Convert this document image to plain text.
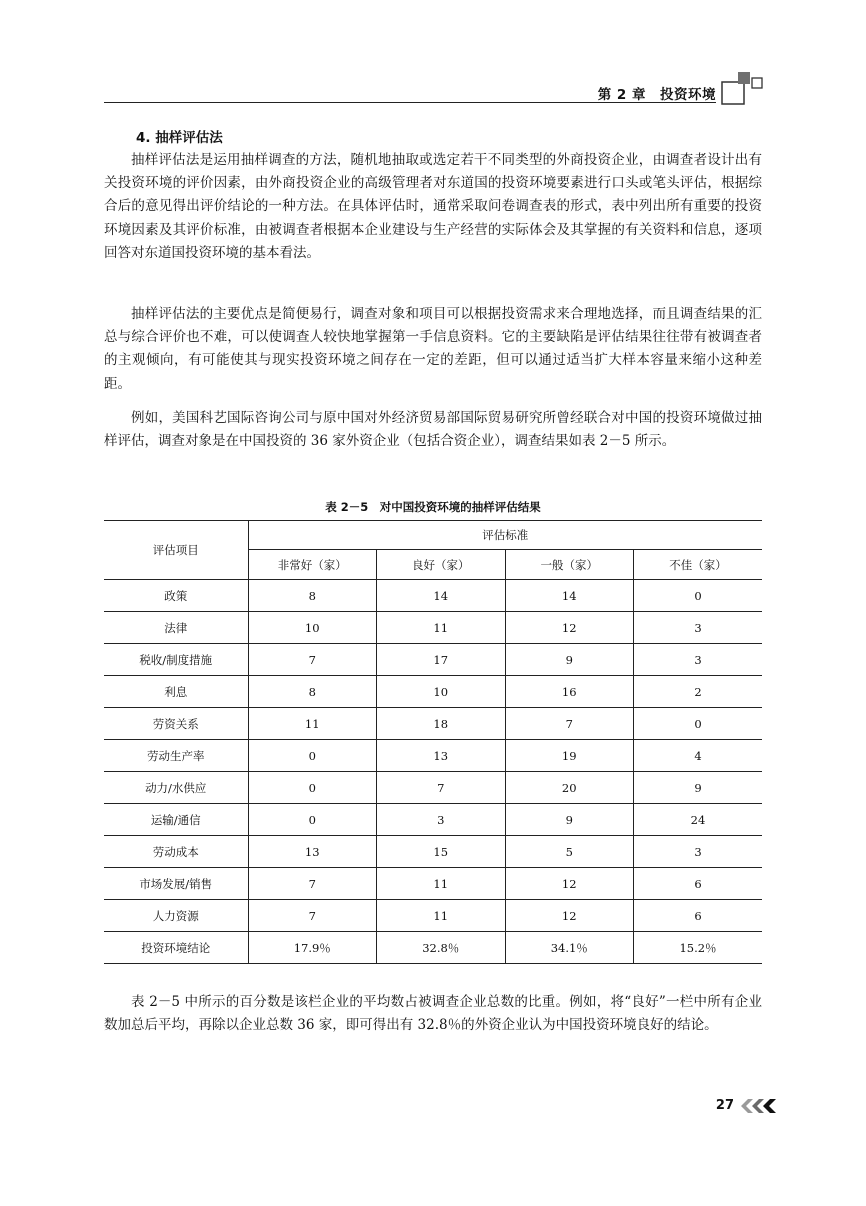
第 2 章　投资环境
4. 抽样评估法

抽样评估法是运用抽样调查的方法，随机地抽取或选定若干不同类型的外商投资企业，由调查者设计出有关投资环境的评价因素，由外商投资企业的高级管理者对东道国的投资环境要素进行口头或笔头评估，根据综合后的意见得出评价结论的一种方法。在具体评估时，通常采取问卷调查表的形式，表中列出所有重要的投资环境因素及其评价标准，由被调查者根据本企业建设与生产经营的实际体会及其掌握的有关资料和信息，逐项回答对东道国投资环境的基本看法。

抽样评估法的主要优点是简便易行，调查对象和项目可以根据投资需求来合理地选择，而且调查结果的汇总与综合评价也不难，可以使调查人较快地掌握第一手信息资料。它的主要缺陷是评估结果往往带有被调查者的主观倾向，有可能使其与现实投资环境之间存在一定的差距，但可以通过适当扩大样本容量来缩小这种差距。

例如，美国科艺国际咨询公司与原中国对外经济贸易部国际贸易研究所曾经联合对中国的投资环境做过抽样评估，调查对象是在中国投资的 36 家外资企业（包括合资企业），调查结果如表 2－5 所示。

表 2－5　对中国投资环境的抽样评估结果
评估项目	评估标准			
	非常好（家）	良好（家）	一般（家）	不佳（家）
政策	8	14	14	0
法律	10	11	12	3
税收/制度措施	7	17	9	3
利息	8	10	16	2
劳资关系	11	18	7	0
劳动生产率	0	13	19	4
动力/水供应	0	7	20	9
运输/通信	0	3	9	24
劳动成本	13	15	5	3
市场发展/销售	7	11	12	6
人力资源	7	11	12	6
投资环境结论	17.9％	32.8％	34.1％	15.2％

表 2－5 中所示的百分数是该栏企业的平均数占被调查企业总数的比重。例如，将“良好”一栏中所有企业数加总后平均，再除以企业总数 36 家，即可得出有 32.8％的外资企业认为中国投资环境良好的结论。

27
